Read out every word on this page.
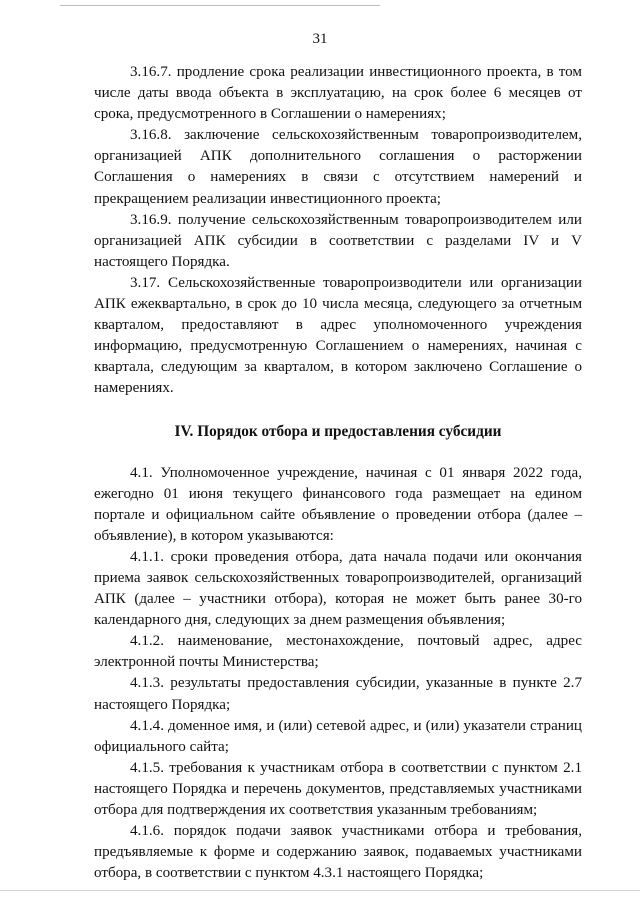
31

3.16.7. продление срока реализации инвестиционного проекта, в том числе даты ввода объекта в эксплуатацию, на срок более 6 месяцев от срока, предусмотренного в Соглашении о намерениях;

3.16.8. заключение сельскохозяйственным товаропроизводителем, организацией АПК дополнительного соглашения о расторжении Соглашения о намерениях в связи с отсутствием намерений и прекращением реализации инвестиционного проекта;

3.16.9. получение сельскохозяйственным товаропроизводителем или организацией АПК субсидии в соответствии с разделами IV и V настоящего Порядка.

3.17. Сельскохозяйственные товаропроизводители или организации АПК ежеквартально, в срок до 10 числа месяца, следующего за отчетным кварталом, предоставляют в адрес уполномоченного учреждения информацию, предусмотренную Соглашением о намерениях, начиная с квартала, следующим за кварталом, в котором заключено Соглашение о намерениях.

IV. Порядок отбора и предоставления субсидии

4.1. Уполномоченное учреждение, начиная с 01 января 2022 года, ежегодно 01 июня текущего финансового года размещает на едином портале и официальном сайте объявление о проведении отбора (далее – объявление), в котором указываются:

4.1.1. сроки проведения отбора, дата начала подачи или окончания приема заявок сельскохозяйственных товаропроизводителей, организаций АПК (далее – участники отбора), которая не может быть ранее 30-го календарного дня, следующих за днем размещения объявления;

4.1.2. наименование, местонахождение, почтовый адрес, адрес электронной почты Министерства;

4.1.3. результаты предоставления субсидии, указанные в пункте 2.7 настоящего Порядка;

4.1.4. доменное имя, и (или) сетевой адрес, и (или) указатели страниц официального сайта;

4.1.5. требования к участникам отбора в соответствии с пунктом 2.1 настоящего Порядка и перечень документов, представляемых участниками отбора для подтверждения их соответствия указанным требованиям;

4.1.6. порядок подачи заявок участниками отбора и требования, предъявляемые к форме и содержанию заявок, подаваемых участниками отбора, в соответствии с пунктом 4.3.1 настоящего Порядка;
